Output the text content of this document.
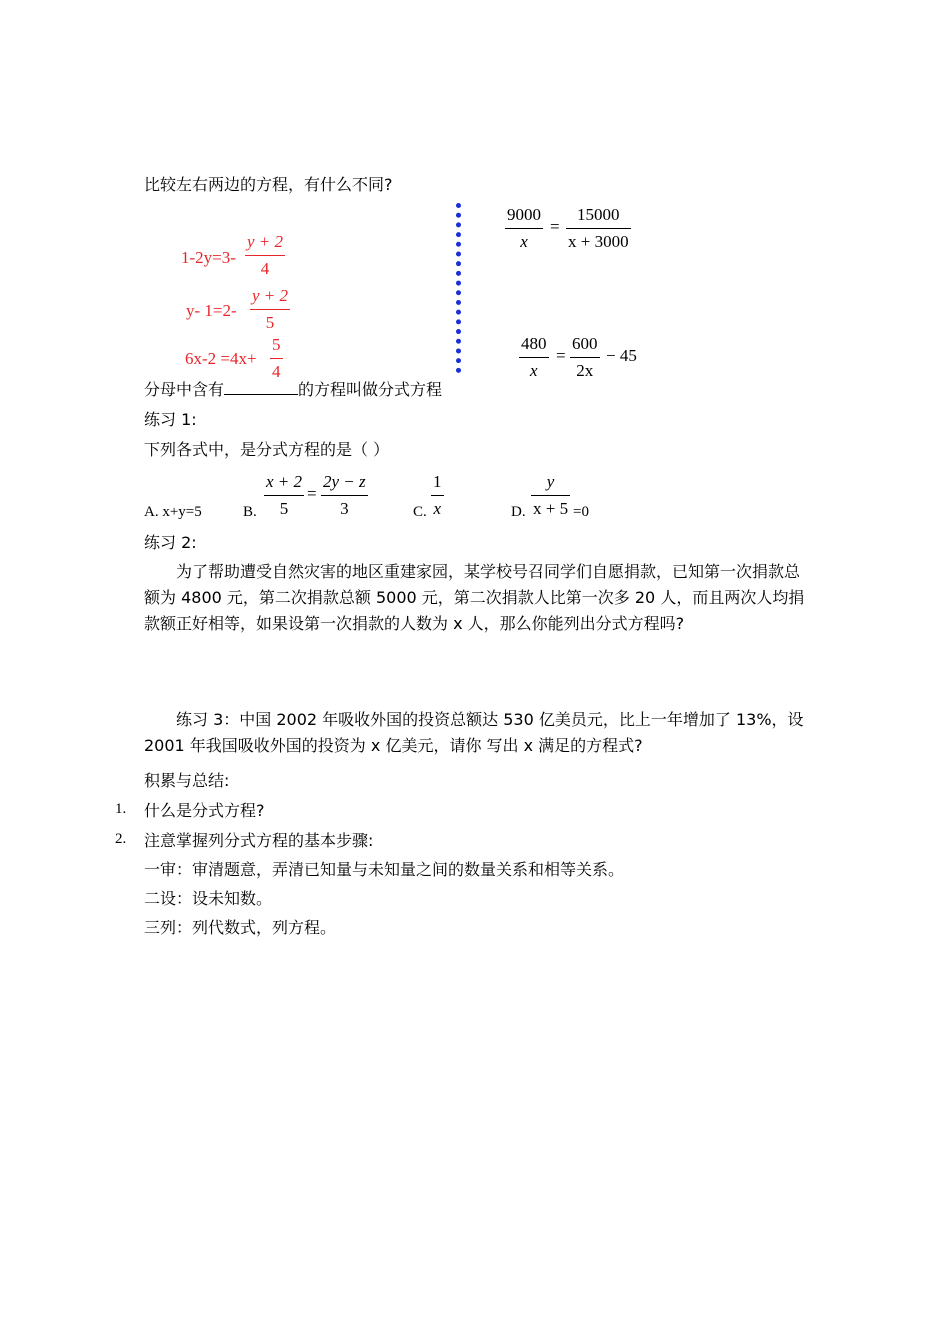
比较左右两边的方程，有什么不同?
1-2y=3-
y + 2
4
y- 1=2-
y + 2
5
6x-2 =4x+
5
4
9000
x
=
15000
x + 3000
480
x
=
600
2x
− 45
分母中含有	的方程叫做分式方程
练习 1:
下列各式中，是分式方程的是（ ）
A. x+y=5	B.
x + 2
5
=
2y − z
3	C.
1
x	D.
y
x + 5 =0
练习 2:
为了帮助遭受自然灾害的地区重建家园，某学校号召同学们自愿捐款，已知第一次捐款总额为 4800 元，第二次捐款总额 5000 元，第二次捐款人比第一次多 20 人，而且两次人均捐款额正好相等，如果设第一次捐款的人数为 x 人，那么你能列出分式方程吗?
练习 3：中国 2002 年吸收外国的投资总额达 530 亿美员元，比上一年增加了 13%，设 2001 年我国吸收外国的投资为 x 亿美元，请你 写出 x 满足的方程式?
积累与总结:
1. 什么是分式方程?
2. 注意掌握列分式方程的基本步骤:
一审：审清题意，弄清已知量与未知量之间的数量关系和相等关系。
二设：设未知数。
三列：列代数式，列方程。
